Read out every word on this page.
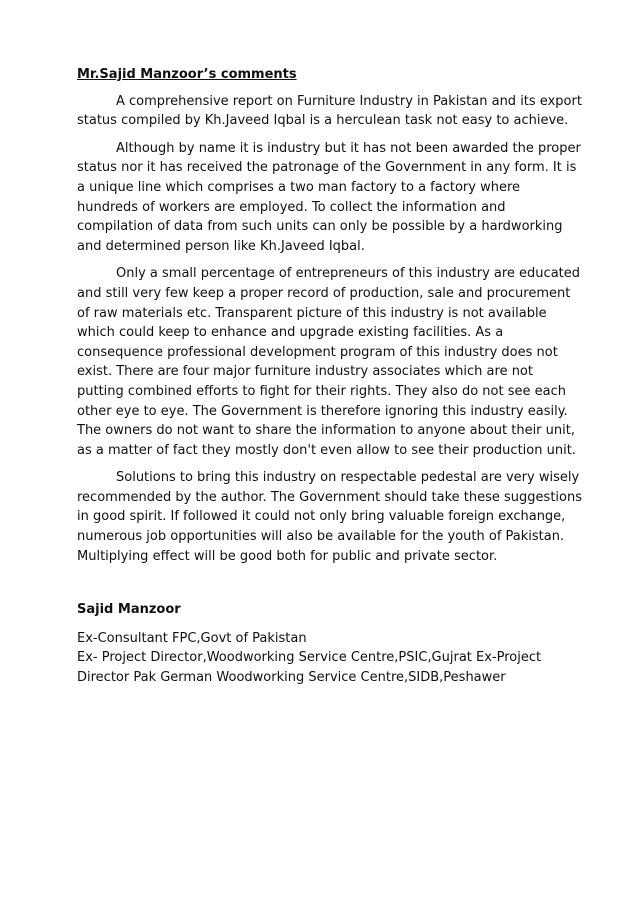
Mr.Sajid Manzoor’s comments

A comprehensive report on Furniture Industry in Pakistan and its export status compiled by Kh.Javeed Iqbal is a herculean task not easy to achieve.

Although by name it is industry but it has not been awarded the proper status nor it has received the patronage of the Government in any form. It is a unique line which comprises a two man factory to a factory where hundreds of workers are employed. To collect the information and compilation of data from such units can only be possible by a hardworking and determined person like Kh.Javeed Iqbal.

Only a small percentage of entrepreneurs of this industry are educated and still very few keep a proper record of production, sale and procurement of raw materials etc. Transparent picture of this industry is not available which could keep to enhance and upgrade existing facilities. As a consequence professional development program of this industry does not exist. There are four major furniture industry associates which are not putting combined efforts to fight for their rights. They also do not see each other eye to eye. The Government is therefore ignoring this industry easily. The owners do not want to share the information to anyone about their unit, as a matter of fact they mostly don't even allow to see their production unit.

Solutions to bring this industry on respectable pedestal are very wisely recommended by the author. The Government should take these suggestions in good spirit. If followed it could not only bring valuable foreign exchange, numerous job opportunities will also be available for the youth of Pakistan. Multiplying effect will be good both for public and private sector.

Sajid Manzoor

Ex-Consultant FPC,Govt of Pakistan

Ex- Project Director,Woodworking Service Centre,PSIC,Gujrat Ex-Project Director Pak German Woodworking Service Centre,SIDB,Peshawer
